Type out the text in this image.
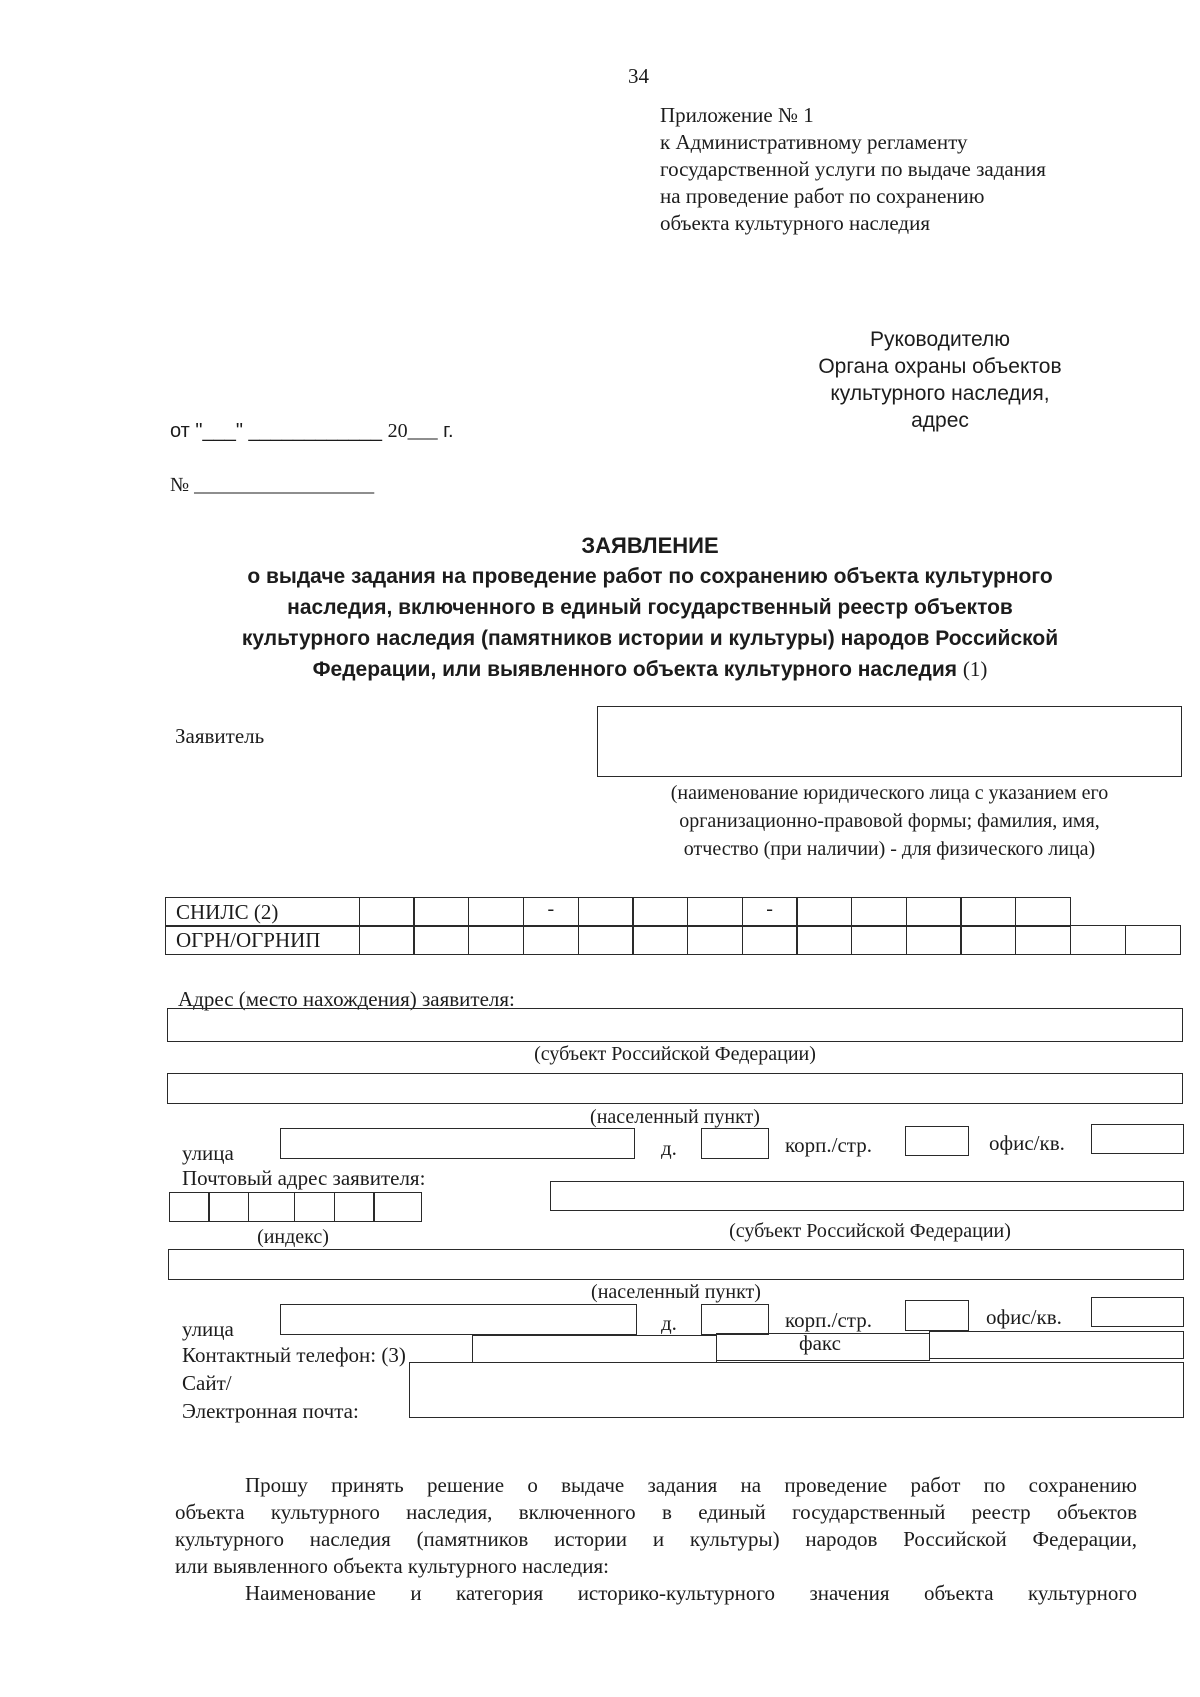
34
Приложение № 1
к Административному регламенту
государственной услуги по выдаче задания
на проведение работ по сохранению
объекта культурного наследия
Руководителю
Органа охраны объектов
культурного наследия,
адрес
от "___" ____________ 20___ г.
№ __________________
ЗАЯВЛЕНИЕ
о выдаче задания на проведение работ по сохранению объекта культурного
наследия, включенного в единый государственный реестр объектов
культурного наследия (памятников истории и культуры) народов Российской
Федерации, или выявленного объекта культурного наследия (1)
Заявитель
(наименование юридического лица с указанием его
организационно-правовой формы; фамилия, имя,
отчество (при наличии) - для физического лица)
СНИЛС (2)	-	-
ОГРН/ОГРНИП
Адрес (место нахождения) заявителя:
(субъект Российской Федерации)
(населенный пункт)
улица	д.	корп./стр.	офис/кв.
Почтовый адрес заявителя:
(индекс)	(субъект Российской Федерации)
(населенный пункт)
улица	д.	корп./стр.	офис/кв.
Контактный телефон: (3)	факс
Сайт/
Электронная почта:
Прошу принять решение о выдаче задания на проведение работ по сохранению
объекта культурного наследия, включенного в единый государственный реестр объектов
культурного наследия (памятников истории и культуры) народов Российской Федерации,
или выявленного объекта культурного наследия:
Наименование и категория историко-культурного значения объекта культурного
